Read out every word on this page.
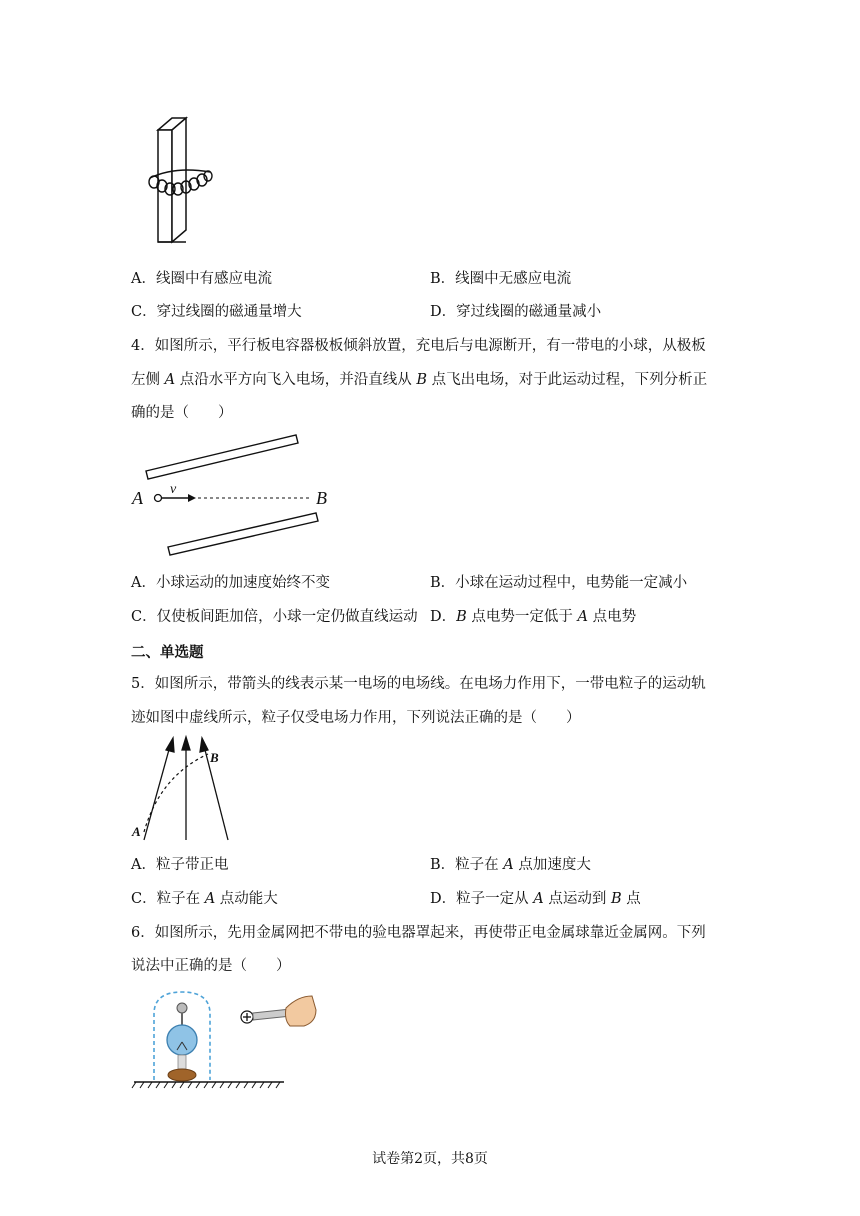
A．线圈中有感应电流	B．线圈中无感应电流
C．穿过线圈的磁通量增大	D．穿过线圈的磁通量减小
4．如图所示，平行板电容器极板倾斜放置，充电后与电源断开，有一带电的小球，从极板
左侧 A 点沿水平方向飞入电场，并沿直线从 B 点飞出电场，对于此运动过程，下列分析正
确的是（　　）
A v	B
A．小球运动的加速度始终不变	B．小球在运动过程中，电势能一定减小
C．仅使板间距加倍，小球一定仍做直线运动 D．B 点电势一定低于 A 点电势
二、单选题
5．如图所示，带箭头的线表示某一电场的电场线。在电场力作用下，一带电粒子的运动轨
迹如图中虚线所示，粒子仅受电场力作用，下列说法正确的是（　　）
B
A
A．粒子带正电	B．粒子在 A 点加速度大
C．粒子在 A 点动能大	D．粒子一定从 A 点运动到 B 点
6．如图所示，先用金属网把不带电的验电器罩起来，再使带正电金属球靠近金属网。下列
说法中正确的是（　　）
试卷第2页，共8页
